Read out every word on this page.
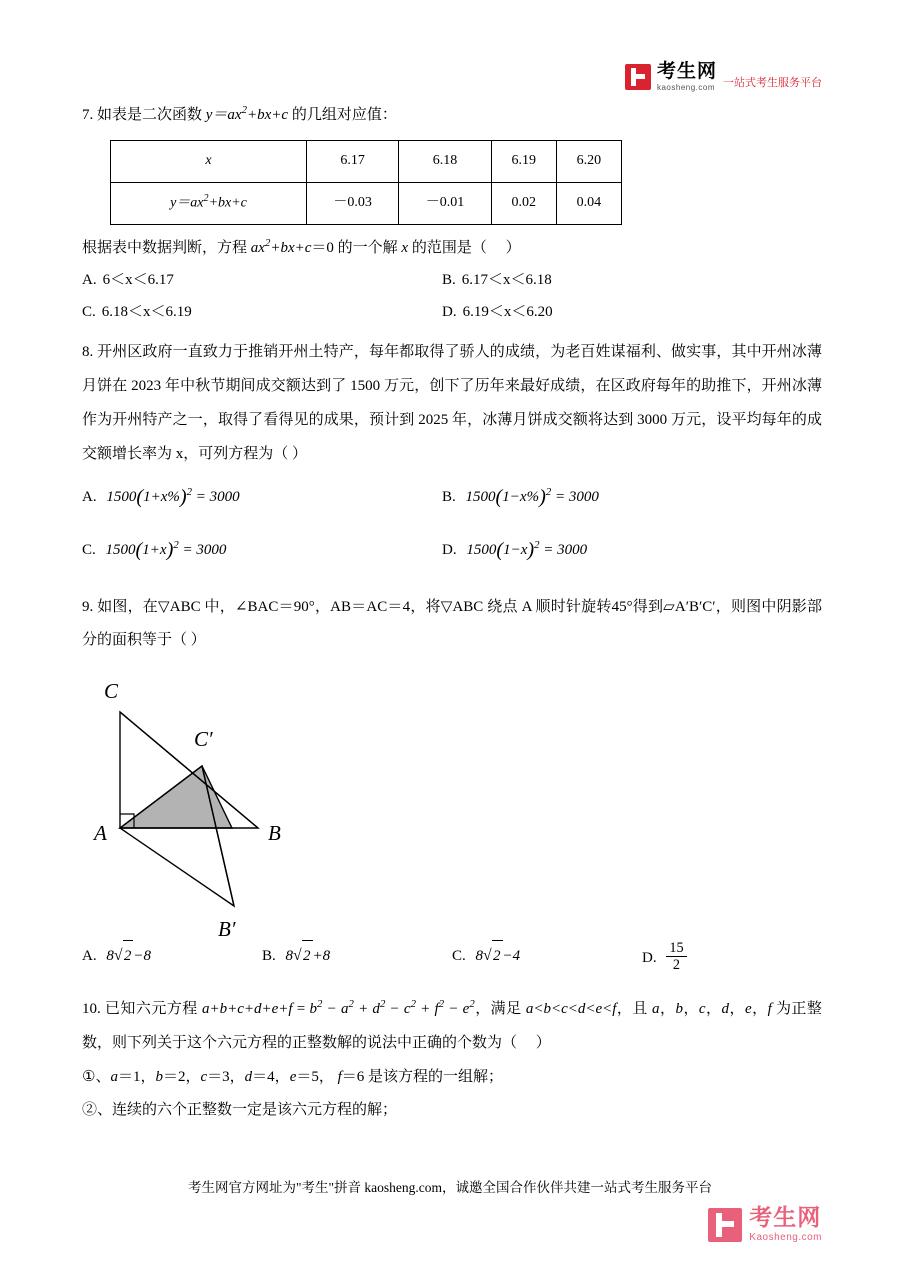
考生网
kaosheng.com 一站式考生服务平台
7. 如表是二次函数 $y=ax^2+bx+c$ 的几组对应值：
x	6.17	6.18	6.19	6.20
$y=ax^2+bx+c$	－0.03	－0.01	0.02	0.04
根据表中数据判断，方程 $ax^2+bx+c=0$ 的一个解 x 的范围是（     ）
A. 6＜x＜6.17	B. 6.17＜x＜6.18
C. 6.18＜x＜6.19	D. 6.19＜x＜6.20
8. 开州区政府一直致力于推销开州土特产，每年都取得了骄人的成绩，为老百姓谋福利、做实事，其中开州冰薄月饼在 2023 年中秋节期间成交额达到了 1500 万元，创下了历年来最好成绩，在区政府每年的助推下，开州冰薄作为开州特产之一，取得了看得见的成果，预计到 2025 年，冰薄月饼成交额将达到 3000 万元，设平均每年的成交额增长率为 x，可列方程为（ ）
A. $1500(1+x\%)^2 = 3000$	B. $1500(1-x\%)^2 = 3000$
C. $1500(1+x)^2 = 3000$	D. $1500(1-x)^2 = 3000$
9. 如图，在▽ABC 中，∠BAC＝90°，AB＝AC＝4，将▽ABC 绕点 A 顺时针旋转45°得到▱A′B′C′，则图中阴影部分的面积等于（ ）
C
C′
A	B
B′
A. 8 √ 2 −8	B. 8 √ 2 +8	C. 8 √ 2 −4	D. $\frac{15}{2}$
10. 已知六元方程 $a+b+c+d+e+f = b^2 - a^2 + d^2 - c^2 + f^2 - e^2$，满足 a<b<c<d<e<f，且 a，b，c，d，e，f 为正整数，则下列关于这个六元方程的正整数解的说法中正确的个数为（     ）
①、a＝1，b＝2，c＝3，d＝4，e＝5， f＝6 是该方程的一组解；
②、连续的六个正整数一定是该六元方程的解；
考生网官方网址为"考生"拼音 kaosheng.com，诚邀全国合作伙伴共建一站式考生服务平台
考生网
Kaosheng.com
